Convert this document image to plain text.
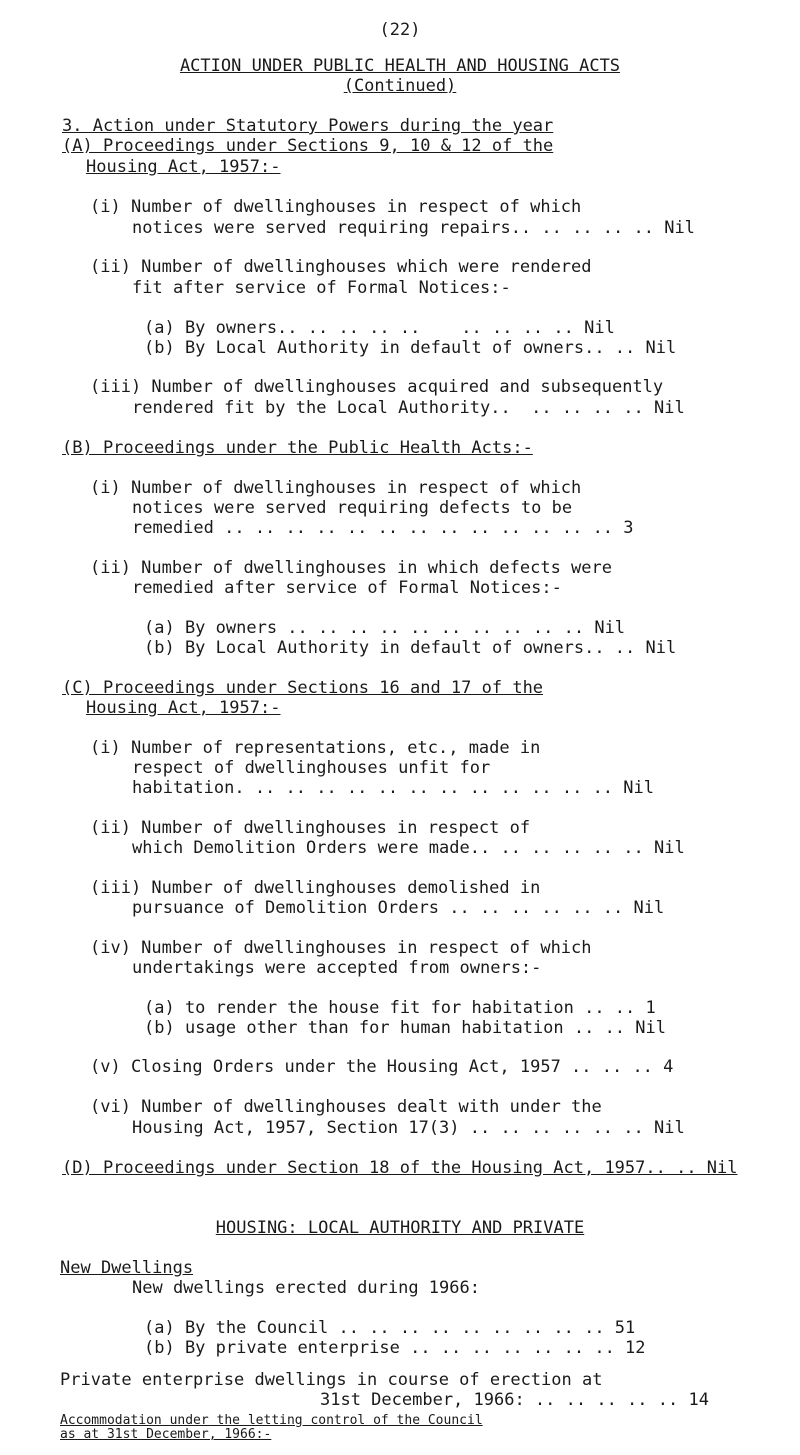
(22)
ACTION UNDER PUBLIC HEALTH AND HOUSING ACTS
(Continued)
3. Action under Statutory Powers during the year
(A) Proceedings under Sections 9, 10 & 12 of the
Housing Act, 1957:-
(i) Number of dwellinghouses in respect of which
notices were served requiring repairs.. .. .. .. .. Nil
(ii) Number of dwellinghouses which were rendered
fit after service of Formal Notices:-
(a) By owners.. .. .. .. ..    .. .. .. .. Nil
(b) By Local Authority in default of owners.. .. Nil
(iii) Number of dwellinghouses acquired and subsequently
rendered fit by the Local Authority..  .. .. .. .. Nil
(B) Proceedings under the Public Health Acts:-
(i) Number of dwellinghouses in respect of which
notices were served requiring defects to be
remedied .. .. .. .. .. .. .. .. .. .. .. .. .. 3
(ii) Number of dwellinghouses in which defects were
remedied after service of Formal Notices:-
(a) By owners .. .. .. .. .. .. .. .. .. .. Nil
(b) By Local Authority in default of owners.. .. Nil
(C) Proceedings under Sections 16 and 17 of the
Housing Act, 1957:-
(i) Number of representations, etc., made in
respect of dwellinghouses unfit for
habitation. .. .. .. .. .. .. .. .. .. .. .. .. Nil
(ii) Number of dwellinghouses in respect of
which Demolition Orders were made.. .. .. .. .. .. Nil
(iii) Number of dwellinghouses demolished in
pursuance of Demolition Orders .. .. .. .. .. .. Nil
(iv) Number of dwellinghouses in respect of which
undertakings were accepted from owners:-
(a) to render the house fit for habitation .. .. 1
(b) usage other than for human habitation .. .. Nil
(v) Closing Orders under the Housing Act, 1957 .. .. .. 4
(vi) Number of dwellinghouses dealt with under the
Housing Act, 1957, Section 17(3) .. .. .. .. .. .. Nil
(D) Proceedings under Section 18 of the Housing Act, 1957.. .. Nil
HOUSING: LOCAL AUTHORITY AND PRIVATE
New Dwellings
New dwellings erected during 1966:
(a) By the Council .. .. .. .. .. .. .. .. .. 51
(b) By private enterprise .. .. .. .. .. .. .. 12
Private enterprise dwellings in course of erection at
31st December, 1966: .. .. .. .. .. 14
Accommodation under the letting control of the Council
as at 31st December, 1966:-
